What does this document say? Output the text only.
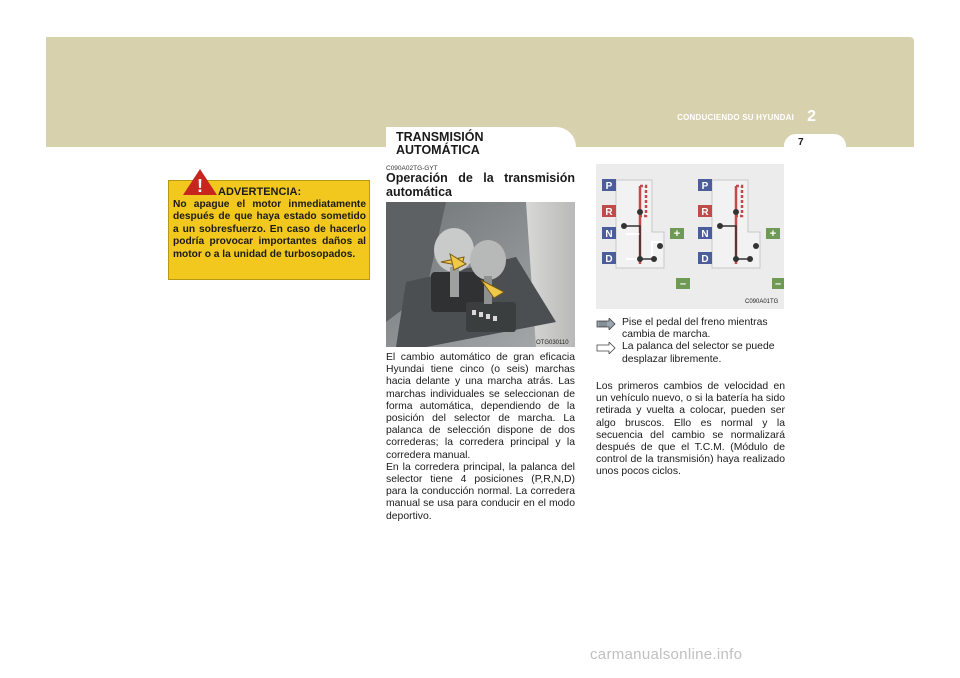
CONDUCIENDO SU HYUNDAI 2
7
TRANSMISIÓN
AUTOMÁTICA
! ADVERTENCIA:
No apague el motor inmediatamente después de que haya estado sometido a un sobresfuerzo. En caso de hacerlo podría provocar importantes daños al motor o a la unidad de turbosopados.
C090A02TG-GYT
Operación de la transmisión automática
OTG030110
El cambio automático de gran eficacia Hyundai tiene cinco (o seis) marchas hacia delante y una marcha atrás. Las marchas individuales se seleccionan de forma automática, dependiendo de la posición del selector de marcha. La palanca de selección dispone de dos correderas; la corredera principal y la corredera manual.
En la corredera principal, la palanca del selector tiene 4 posiciones (P,R,N,D) para la conducción normal. La corredera manual se usa para conducir en el modo deportivo.
P
R
N
D
P
R
N
D
+
–
+
–
C090A01TG
Pise el pedal del freno mientras cambia de marcha.
La palanca del selector se puede desplazar libremente.
Los primeros cambios de velocidad en un vehículo nuevo, o si la batería ha sido retirada y vuelta a colocar, pueden ser algo bruscos. Ello es normal y la secuencia del cambio se normalizará después de que el T.C.M. (Módulo de control de la transmisión) haya realizado unos pocos ciclos.
carmanualsonline.info
